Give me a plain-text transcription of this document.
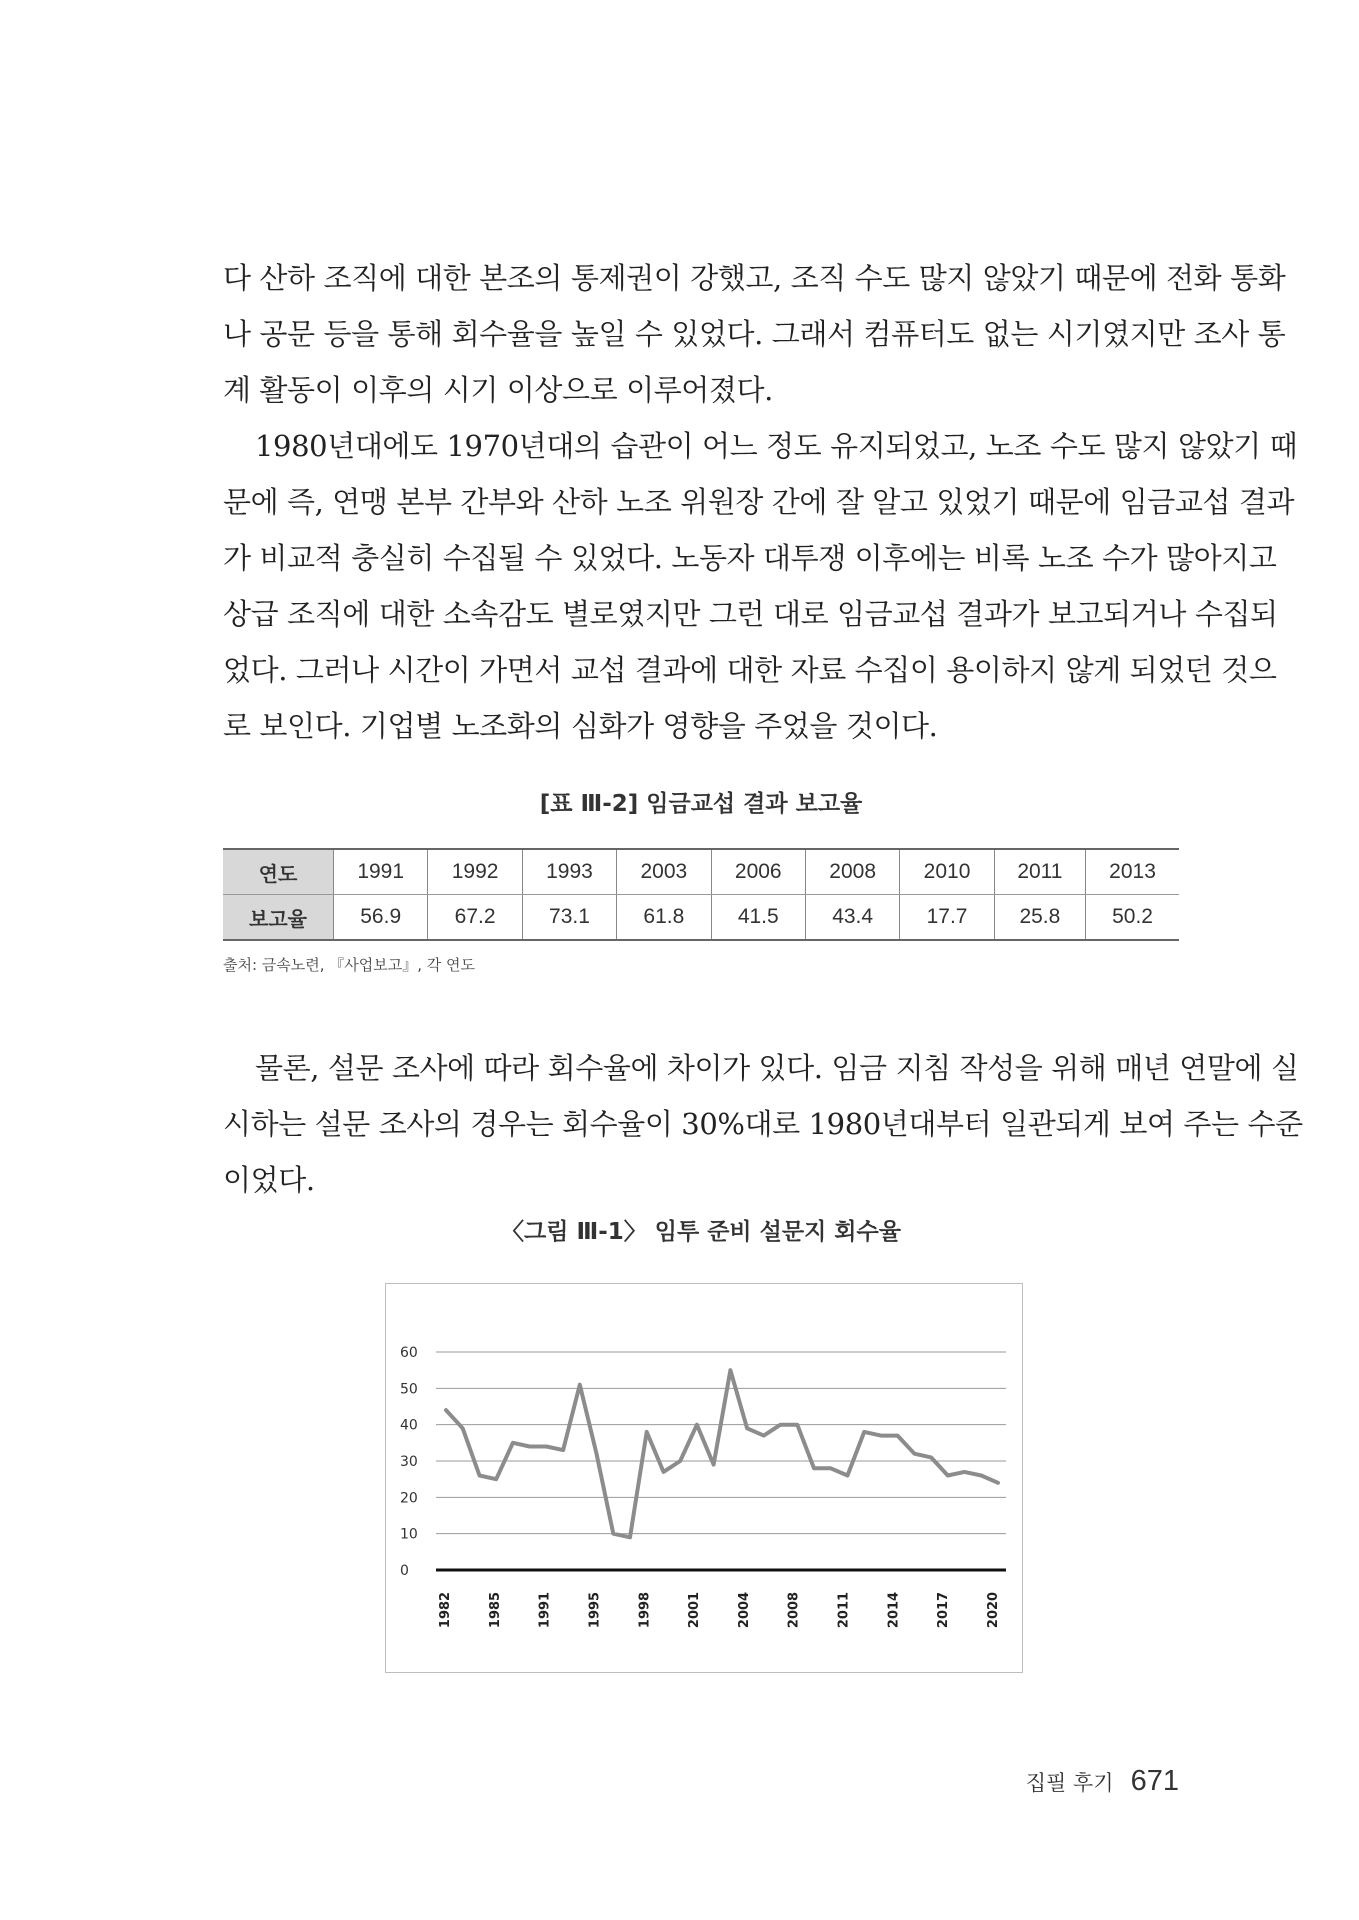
다 산하 조직에 대한 본조의 통제권이 강했고, 조직 수도 많지 않았기 때문에 전화 통화
나 공문 등을 통해 회수율을 높일 수 있었다. 그래서 컴퓨터도 없는 시기였지만 조사 통
계 활동이 이후의 시기 이상으로 이루어졌다.
1980년대에도 1970년대의 습관이 어느 정도 유지되었고, 노조 수도 많지 않았기 때
문에 즉, 연맹 본부 간부와 산하 노조 위원장 간에 잘 알고 있었기 때문에 임금교섭 결과
가 비교적 충실히 수집될 수 있었다. 노동자 대투쟁 이후에는 비록 노조 수가 많아지고
상급 조직에 대한 소속감도 별로였지만 그런 대로 임금교섭 결과가 보고되거나 수집되
었다. 그러나 시간이 가면서 교섭 결과에 대한 자료 수집이 용이하지 않게 되었던 것으
로 보인다. 기업별 노조화의 심화가 영향을 주었을 것이다.
[표 Ⅲ-2] 임금교섭 결과 보고율
연도	1991	1992	1993	2003	2006	2008	2010	2011	2013
보고율	56.9	67.2	73.1	61.8	41.5	43.4	17.7	25.8	50.2
출처: 금속노련, 『사업보고』, 각 연도
물론, 설문 조사에 따라 회수율에 차이가 있다. 임금 지침 작성을 위해 매년 연말에 실
시하는 설문 조사의 경우는 회수율이 30%대로 1980년대부터 일관되게 보여 주는 수준
이었다.
〈그림 Ⅲ-1〉 임투 준비 설문지 회수율
0
10
20
30
40
50
60
1982	1985	1991	1995	1998	2001	2004	2008	2011	2014	2017	2020
집필 후기 671
